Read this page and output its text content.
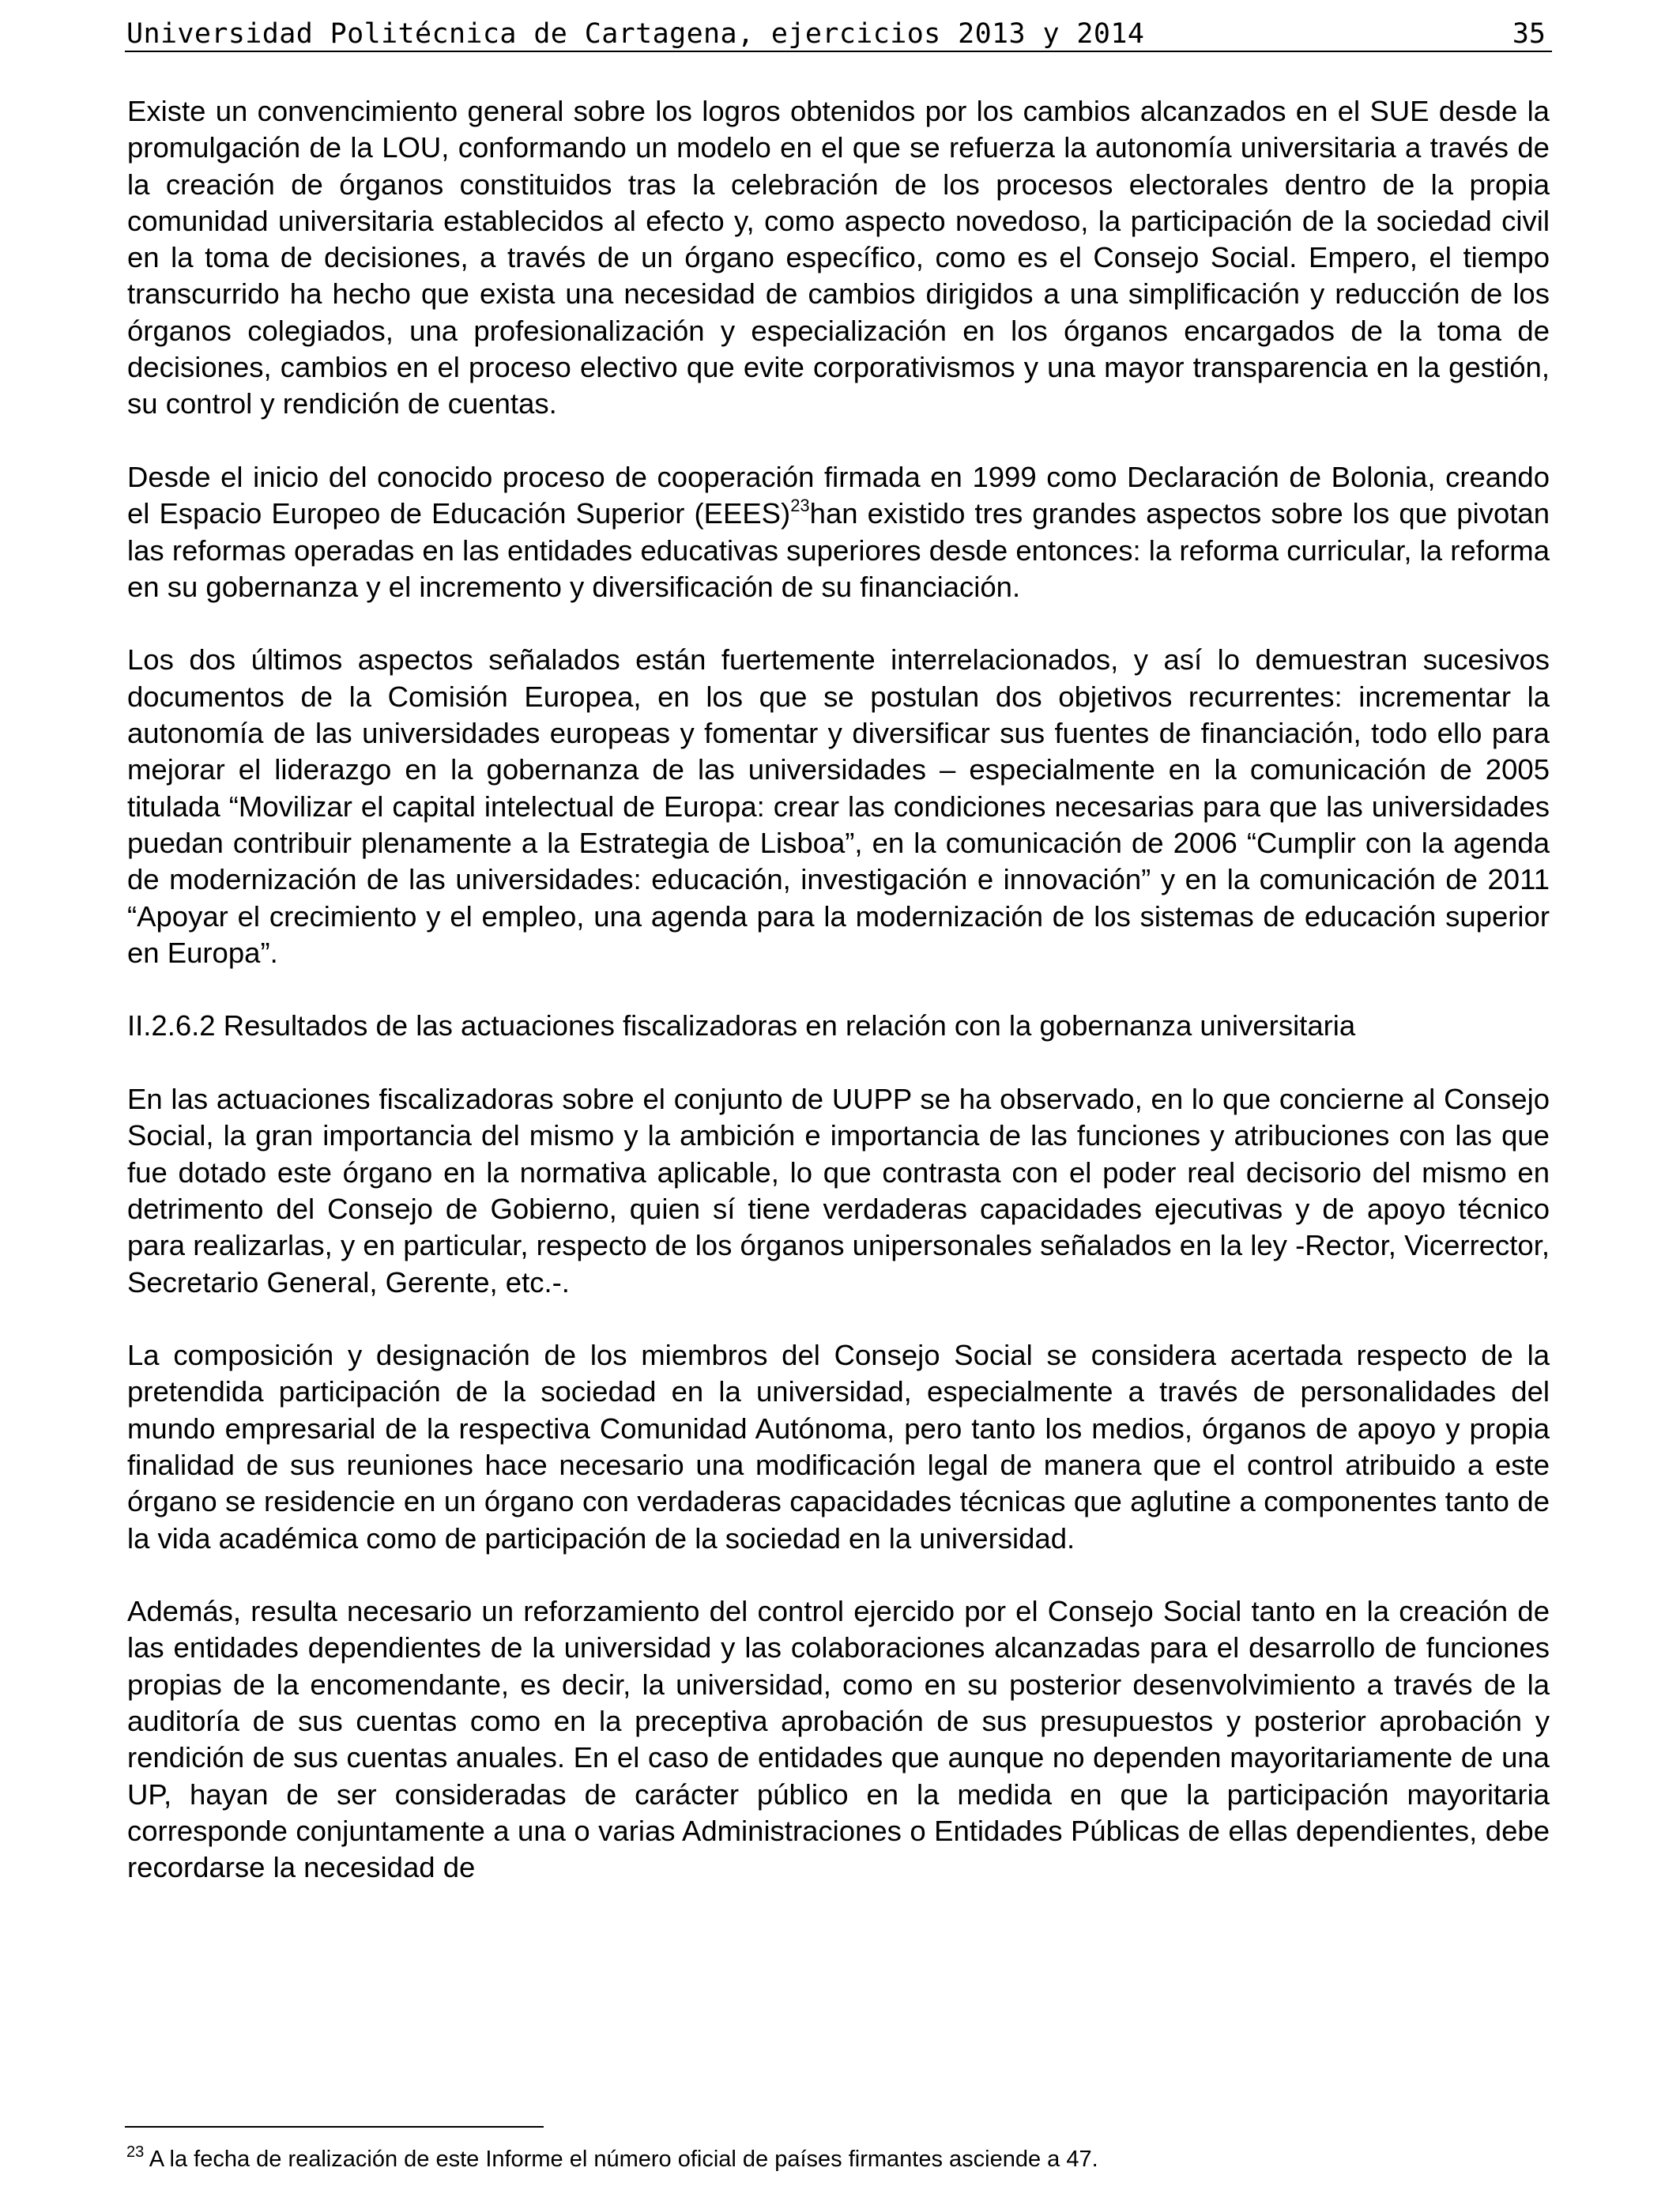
Universidad Politécnica de Cartagena, ejercicios 2013 y 2014	35

Existe un convencimiento general sobre los logros obtenidos por los cambios alcanzados en el SUE desde la promulgación de la LOU, conformando un modelo en el que se refuerza la autonomía universitaria a través de la creación de órganos constituidos tras la celebración de los procesos electorales dentro de la propia comunidad universitaria establecidos al efecto y, como aspecto novedoso, la participación de la sociedad civil en la toma de decisiones, a través de un órgano específico, como es el Consejo Social. Empero, el tiempo transcurrido ha hecho que exista una necesidad de cambios dirigidos a una simplificación y reducción de los órganos colegiados, una profesionalización y especialización en los órganos encargados de la toma de decisiones, cambios en el proceso electivo que evite corporativismos y una mayor transparencia en la gestión, su control y rendición de cuentas.

Desde el inicio del conocido proceso de cooperación firmada en 1999 como Declaración de Bolonia, creando el Espacio Europeo de Educación Superior (EEES)$^{23}$han existido tres grandes aspectos sobre los que pivotan las reformas operadas en las entidades educativas superiores desde entonces: la reforma curricular, la reforma en su gobernanza y el incremento y diversificación de su financiación.

Los dos últimos aspectos señalados están fuertemente interrelacionados, y así lo demuestran sucesivos documentos de la Comisión Europea, en los que se postulan dos objetivos recurrentes: incrementar la autonomía de las universidades europeas y fomentar y diversificar sus fuentes de financiación, todo ello para mejorar el liderazgo en la gobernanza de las universidades – especialmente en la comunicación de 2005 titulada “Movilizar el capital intelectual de Europa: crear las condiciones necesarias para que las universidades puedan contribuir plenamente a la Estrategia de Lisboa”, en la comunicación de 2006 “Cumplir con la agenda de modernización de las universidades: educación, investigación e innovación” y en la comunicación de 2011 “Apoyar el crecimiento y el empleo, una agenda para la modernización de los sistemas de educación superior en Europa”.

II.2.6.2 Resultados de las actuaciones fiscalizadoras en relación con la gobernanza universitaria

En las actuaciones fiscalizadoras sobre el conjunto de UUPP se ha observado, en lo que concierne al Consejo Social, la gran importancia del mismo y la ambición e importancia de las funciones y atribuciones con las que fue dotado este órgano en la normativa aplicable, lo que contrasta con el poder real decisorio del mismo en detrimento del Consejo de Gobierno, quien sí tiene verdaderas capacidades ejecutivas y de apoyo técnico para realizarlas, y en particular, respecto de los órganos unipersonales señalados en la ley -Rector, Vicerrector, Secretario General, Gerente, etc.-.

La composición y designación de los miembros del Consejo Social se considera acertada respecto de la pretendida participación de la sociedad en la universidad, especialmente a través de personalidades del mundo empresarial de la respectiva Comunidad Autónoma, pero tanto los medios, órganos de apoyo y propia finalidad de sus reuniones hace necesario una modificación legal de manera que el control atribuido a este órgano se residencie en un órgano con verdaderas capacidades técnicas que aglutine a componentes tanto de la vida académica como de participación de la sociedad en la universidad.

Además, resulta necesario un reforzamiento del control ejercido por el Consejo Social tanto en la creación de las entidades dependientes de la universidad y las colaboraciones alcanzadas para el desarrollo de funciones propias de la encomendante, es decir, la universidad, como en su posterior desenvolvimiento a través de la auditoría de sus cuentas como en la preceptiva aprobación de sus presupuestos y posterior aprobación y rendición de sus cuentas anuales. En el caso de entidades que aunque no dependen mayoritariamente de una UP, hayan de ser consideradas de carácter público en la medida en que la participación mayoritaria corresponde conjuntamente a una o varias Administraciones o Entidades Públicas de ellas dependientes, debe recordarse la necesidad de

$^{23}$ A la fecha de realización de este Informe el número oficial de países firmantes asciende a 47.
